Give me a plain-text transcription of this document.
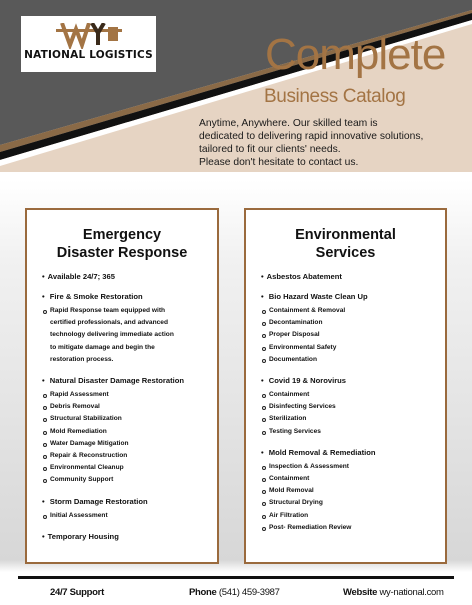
NATIONAL LOGISTICS	Complete
Business Catalog
Anytime, Anywhere. Our skilled team is
dedicated to delivering rapid innovative solutions,
tailored to fit our clients' needs.
Please don't hesitate to contact us.
Emergency
Disaster Response
• Available 24/7; 365
• Fire & Smoke Restoration
Rapid Response team equipped with
certified professionals, and advanced
technology delivering immediate action
to mitigate damage and begin the
restoration process.
• Natural Disaster Damage Restoration
Rapid Assessment
Debris Removal
Structural Stabilization
Mold Remediation
Water Damage Mitigation
Repair & Reconstruction
Environmental Cleanup
Community Support
• Storm Damage Restoration
Initial Assessment
• Temporary Housing
Environmental
Services
• Asbestos Abatement
• Bio Hazard Waste Clean Up
Containment & Removal
Decontamination
Proper Disposal
Environmental Safety
Documentation
• Covid 19 & Norovirus
Containment
Disinfecting Services
Sterilization
Testing Services
• Mold Removal & Remediation
Inspection & Assessment
Containment
Mold Removal
Structural Drying
Air Filtration
Post- Remediation Review
24/7 Support	Phone (541) 459-3987	Website wy-national.com
